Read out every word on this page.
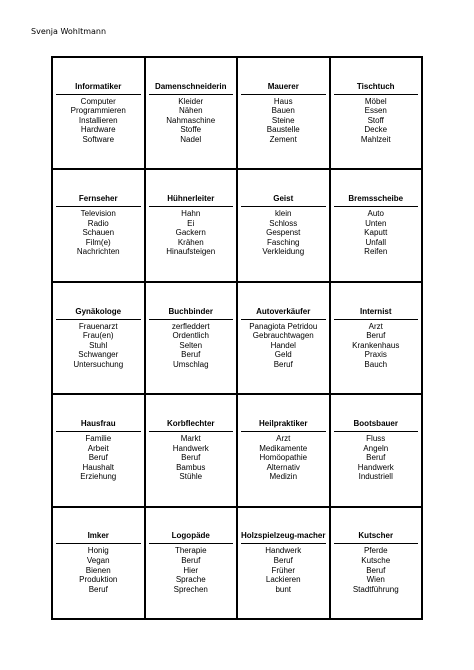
Svenja Wohltmann
Informatiker
Computer
Programmieren
Installieren
Hardware
Software
Damenschneiderin
Kleider
Nähen
Nahmaschine
Stoffe
Nadel
Mauerer
Haus
Bauen
Steine
Baustelle
Zement
Tischtuch
Möbel
Essen
Stoff
Decke
Mahlzeit
Fernseher
Television
Radio
Schauen
Film(e)
Nachrichten
Hühnerleiter
Hahn
Ei
Gackern
Krähen
Hinaufsteigen
Geist
klein
Schloss
Gespenst
Fasching
Verkleidung
Bremsscheibe
Auto
Unten
Kaputt
Unfall
Reifen
Gynäkologe
Frauenarzt
Frau(en)
Stuhl
Schwanger
Untersuchung
Buchbinder
zerfleddert
Ordentlich
Selten
Beruf
Umschlag
Autoverkäufer
Panagiota Petridou
Gebrauchtwagen
Handel
Geld
Beruf
Internist
Arzt
Beruf
Krankenhaus
Praxis
Bauch
Hausfrau
Familie
Arbeit
Beruf
Haushalt
Erziehung
Korbflechter
Markt
Handwerk
Beruf
Bambus
Stühle
Heilpraktiker
Arzt
Medikamente
Homöopathie
Alternativ
Medizin
Bootsbauer
Fluss
Angeln
Beruf
Handwerk
Industriell
Imker
Honig
Vegan
Bienen
Produktion
Beruf
Logopäde
Therapie
Beruf
Hier
Sprache
Sprechen
Holzspielzeug-macher
Handwerk
Beruf
Früher
Lackieren
bunt
Kutscher
Pferde
Kutsche
Beruf
Wien
Stadtführung
